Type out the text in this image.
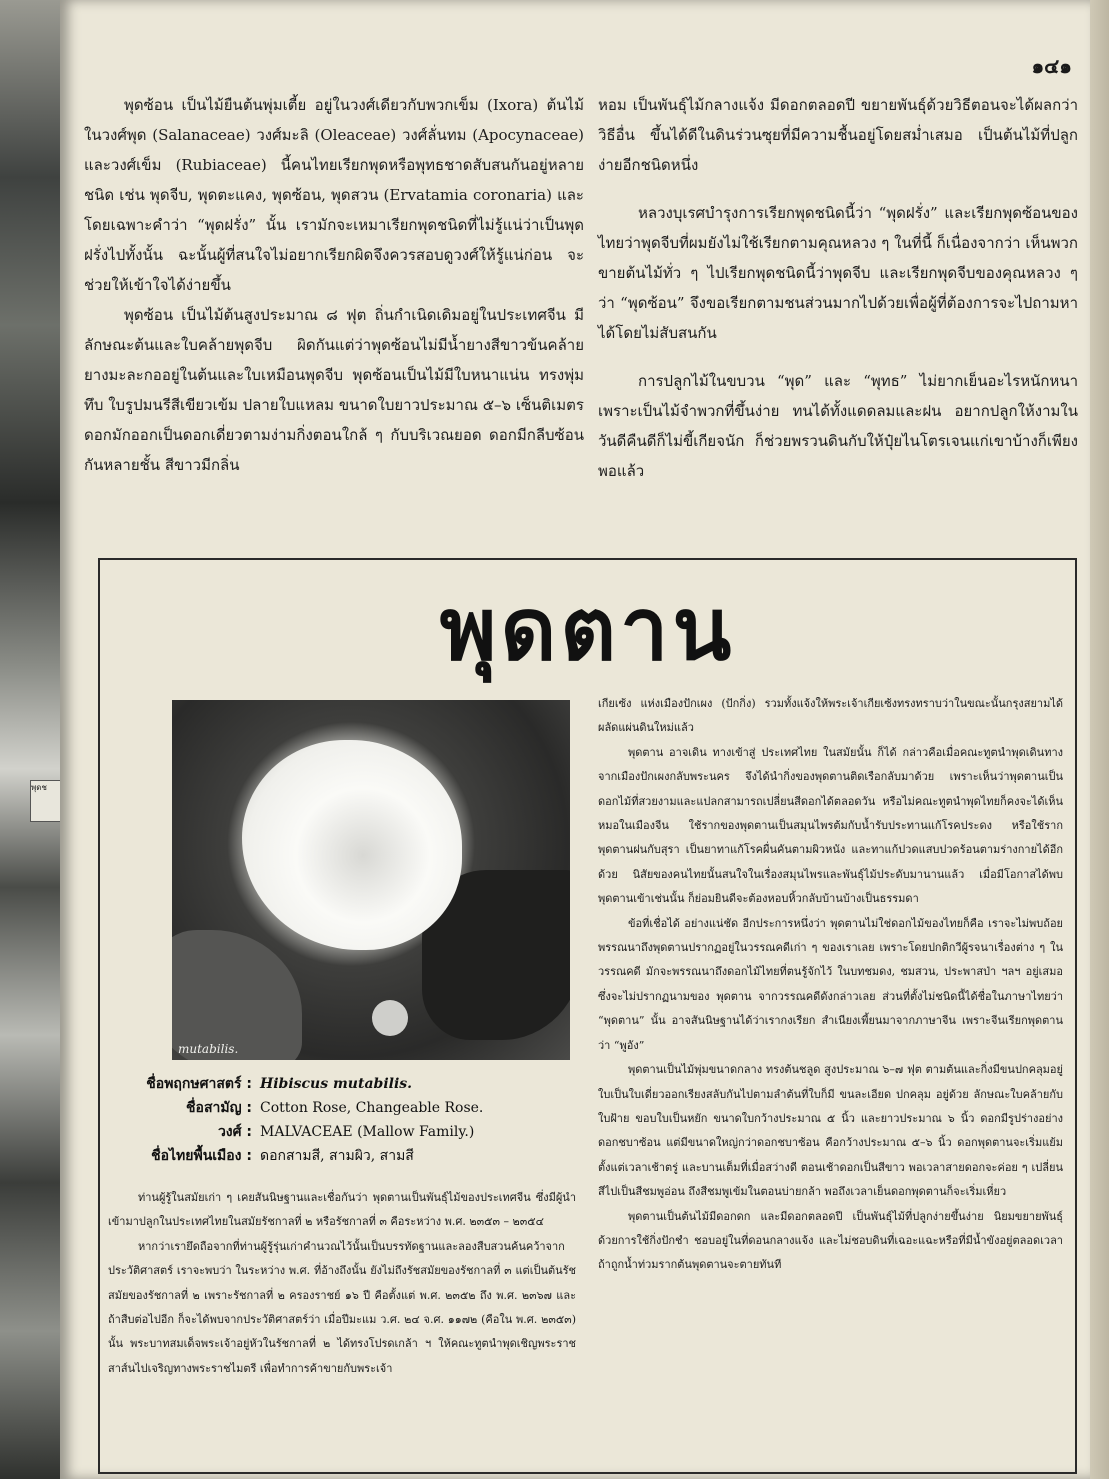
พุดช
๑๔๑

พุดซ้อน เป็นไม้ยืนต้นพุ่มเตี้ย อยู่ในวงศ์เดียวกับพวกเข็ม (Ixora) ต้นไม้ในวงศ์พุด (Salanaceae) วงศ์มะลิ (Oleaceae) วงศ์ลั่นทม (Apocynaceae) และวงศ์เข็ม (Rubiaceae) นี้คนไทยเรียกพุดหรือพุทธชาดสับสนกันอยู่หลายชนิด เช่น พุดจีบ, พุดตะแคง, พุดซ้อน, พุดสวน (Ervatamia coronaria) และโดยเฉพาะคำว่า “พุดฝรั่ง” นั้น เรามักจะเหมาเรียกพุดชนิดที่ไม่รู้แน่ว่าเป็นพุดฝรั่งไปทั้งนั้น ฉะนั้นผู้ที่สนใจไม่อยากเรียกผิดจึงควรสอบดูวงศ์ให้รู้แน่ก่อน จะช่วยให้เข้าใจได้ง่ายขึ้น

พุดซ้อน เป็นไม้ต้นสูงประมาณ ๘ ฟุต ถิ่นกำเนิดเดิมอยู่ในประเทศจีน มีลักษณะต้นและใบคล้ายพุดจีบ ผิดกันแต่ว่าพุดซ้อนไม่มีน้ำยางสีขาวข้นคล้ายยางมะละกออยู่ในต้นและใบเหมือนพุดจีบ พุดซ้อนเป็นไม้มีใบหนาแน่น ทรงพุ่มทึบ ใบรูปมนรีสีเขียวเข้ม ปลายใบแหลม ขนาดใบยาวประมาณ ๕–๖ เซ็นติเมตร ดอกมักออกเป็นดอกเดี่ยวตามง่ามกิ่งตอนใกล้ ๆ กับบริเวณยอด ดอกมีกลีบซ้อนกันหลายชั้น สีขาวมีกลิ่น

หอม เป็นพันธุ์ไม้กลางแจ้ง มีดอกตลอดปี ขยายพันธุ์ด้วยวิธีตอนจะได้ผลกว่าวิธีอื่น ขึ้นได้ดีในดินร่วนซุยที่มีความชื้นอยู่โดยสม่ำเสมอ เป็นต้นไม้ที่ปลูกง่ายอีกชนิดหนึ่ง

หลวงบุเรศบำรุงการเรียกพุดชนิดนี้ว่า “พุดฝรั่ง” และเรียกพุดซ้อนของไทยว่าพุดจีบที่ผมยังไม่ใช้เรียกตามคุณหลวง ๆ ในที่นี้ ก็เนื่องจากว่า เห็นพวกขายต้นไม้ทั่ว ๆ ไปเรียกพุดชนิดนี้ว่าพุดจีบ และเรียกพุดจีบของคุณหลวง ๆ ว่า “พุดซ้อน” จึงขอเรียกตามชนส่วนมากไปด้วยเพื่อผู้ที่ต้องการจะไปถามหาได้โดยไม่สับสนกัน

การปลูกไม้ในขบวน “พุด” และ “พุทธ” ไม่ยากเย็นอะไรหนักหนา เพราะเป็นไม้จำพวกที่ขึ้นง่าย ทนได้ทั้งแดดลมและฝน อยากปลูกให้งามในวันดีคืนดีก็ไม่ขี้เกียจนัก ก็ช่วยพรวนดินกับให้ปุ๋ยไนโตรเจนแก่เขาบ้างก็เพียงพอแล้ว

พุดตาน
mutabilis.
ชื่อพฤกษศาสตร์ : Hibiscus mutabilis.
ชื่อสามัญ : Cotton Rose, Changeable Rose.
วงศ์ : MALVACEAE (Mallow Family.)
ชื่อไทยพื้นเมือง : ดอกสามสี, สามผิว, สามสี

ท่านผู้รู้ในสมัยเก่า ๆ เคยสันนิษฐานและเชื่อกันว่า พุดตานเป็นพันธุ์ไม้ของประเทศจีน ซึ่งมีผู้นำเข้ามาปลูกในประเทศไทยในสมัยรัชกาลที่ ๒ หรือรัชกาลที่ ๓ คือระหว่าง พ.ศ. ๒๓๕๓ – ๒๓๕๔

หากว่าเรายึดถือจากที่ท่านผู้รู้รุ่นเก่าคำนวณไว้นั้นเป็นบรรทัดฐานและลองสืบสวนค้นคว้าจากประวัติศาสตร์ เราจะพบว่า ในระหว่าง พ.ศ. ที่อ้างถึงนั้น ยังไม่ถึงรัชสมัยของรัชกาลที่ ๓ แต่เป็นต้นรัชสมัยของรัชกาลที่ ๒ เพราะรัชกาลที่ ๒ ครองราชย์ ๑๖ ปี คือตั้งแต่ พ.ศ. ๒๓๕๒ ถึง พ.ศ. ๒๓๖๗ และถ้าสืบต่อไปอีก ก็จะได้พบจากประวัติศาสตร์ว่า เมื่อปีมะแม ว.ศ. ๒๔ จ.ศ. ๑๑๗๒ (คือใน พ.ศ. ๒๓๕๓) นั้น พระบาทสมเด็จพระเจ้าอยู่หัวในรัชกาลที่ ๒ ได้ทรงโปรดเกล้า ฯ ให้คณะทูตนำพุดเชิญพระราชสาส์นไปเจริญทางพระราชไมตรี เพื่อทำการค้าขายกับพระเจ้า

เกียเซ้ง แห่งเมืองปักเผง (ปักกิ่ง) รวมทั้งแจ้งให้พระเจ้าเกียเซ้งทรงทราบว่าในขณะนั้นกรุงสยามได้ผลัดแผ่นดินใหม่แล้ว

พุดตาน อาจเดิน ทางเข้าสู่ ประเทศไทย ในสมัยนั้น ก็ได้ กล่าวคือเมื่อคณะทูตนำพุดเดินทางจากเมืองปักเผงกลับพระนคร จึงได้นำกิ่งของพุดตานติดเรือกลับมาด้วย เพราะเห็นว่าพุดตานเป็นดอกไม้ที่สวยงามและแปลกสามารถเปลี่ยนสีดอกได้ตลอดวัน หรือไม่คณะทูตนำพุดไทยก็คงจะได้เห็นหมอในเมืองจีน ใช้รากของพุดตานเป็นสมุนไพรต้มกับน้ำรับประทานแก้โรคประดง หรือใช้รากพุดตานฝนกับสุรา เป็นยาทาแก้โรคผื่นคันตามผิวหนัง และทาแก้ปวดแสบปวดร้อนตามร่างกายได้อีกด้วย นิสัยของคนไทยนั้นสนใจในเรื่องสมุนไพรและพันธุ์ไม้ประดับมานานแล้ว เมื่อมีโอกาสได้พบพุดตานเข้าเช่นนั้น ก็ย่อมยินดีจะต้องหอบหิ้วกลับบ้านบ้างเป็นธรรมดา

ข้อที่เชื่อได้ อย่างแน่ชัด อีกประการหนึ่งว่า พุดตานไม่ใช่ดอกไม้ของไทยก็คือ เราจะไม่พบถ้อยพรรณนาถึงพุดตานปรากฏอยู่ในวรรณคดีเก่า ๆ ของเราเลย เพราะโดยปกติกวีผู้รจนาเรื่องต่าง ๆ ในวรรณคดี มักจะพรรณนาถึงดอกไม้ไทยที่ตนรู้จักไว้ ในบทชมดง, ชมสวน, ประพาสป่า ฯลฯ อยู่เสมอ ซึ่งจะไม่ปรากฏนามของ พุดตาน จากวรรณคดีดังกล่าวเลย ส่วนที่ตั้งไม่ชนิดนี้ได้ชื่อในภาษาไทยว่า “พุดตาน” นั้น อาจสันนิษฐานได้ว่าเรากงเรียก สำเนียงเพี้ยนมาจากภาษาจีน เพราะจีนเรียกพุดตานว่า “พูอัง”

พุดตานเป็นไม้พุ่มขนาดกลาง ทรงต้นชลูด สูงประมาณ ๖–๗ ฟุต ตามต้นและกิ่งมีขนปกคลุมอยู่ ใบเป็นใบเดี่ยวออกเรียงสลับกันไปตามลำต้นที่ใบก็มี ขนละเอียด ปกคลุม อยู่ด้วย ลักษณะใบคล้ายกับใบฝ้าย ขอบใบเป็นหยัก ขนาดใบกว้างประมาณ ๕ นิ้ว และยาวประมาณ ๖ นิ้ว ดอกมีรูปร่างอย่างดอกชบาซ้อน แต่มีขนาดใหญ่กว่าดอกชบาซ้อน คือกว้างประมาณ ๕–๖ นิ้ว ดอกพุดตานจะเริ่มแย้มตั้งแต่เวลาเช้าตรู่ และบานเต็มที่เมื่อสว่างดี ตอนเช้าดอกเป็นสีขาว พอเวลาสายดอกจะค่อย ๆ เปลี่ยนสีไปเป็นสีชมพูอ่อน ถึงสีชมพูเข้มในตอนบ่ายกล้า พอถึงเวลาเย็นดอกพุดตานก็จะเริ่มเหี่ยว

พุดตานเป็นต้นไม้มีดอกดก และมีดอกตลอดปี เป็นพันธุ์ไม้ที่ปลูกง่ายขึ้นง่าย นิยมขยายพันธุ์ด้วยการใช้กิ่งปักชำ ชอบอยู่ในที่ดอนกลางแจ้ง และไม่ชอบดินที่เฉอะแฉะหรือที่มีน้ำขังอยู่ตลอดเวลา ถ้าถูกน้ำท่วมรากต้นพุดตานจะตายทันที
